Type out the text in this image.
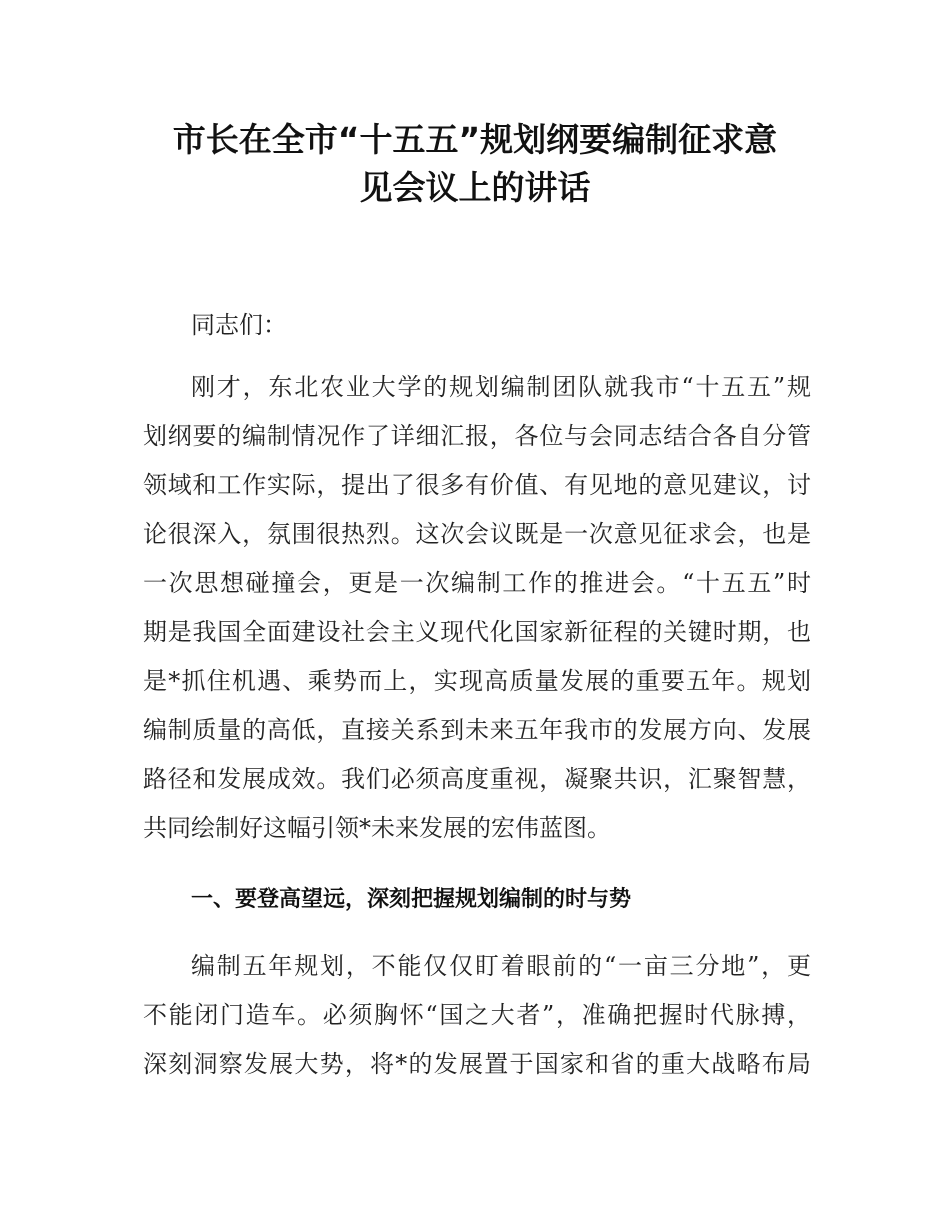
市长在全市“十五五”规划纲要编制征求意
见会议上的讲话
同志们：
刚才，东北农业大学的规划编制团队就我市“十五五”规
划纲要的编制情况作了详细汇报，各位与会同志结合各自分管
领域和工作实际，提出了很多有价值、有见地的意见建议，讨
论很深入，氛围很热烈。这次会议既是一次意见征求会，也是
一次思想碰撞会，更是一次编制工作的推进会。“十五五”时
期是我国全面建设社会主义现代化国家新征程的关键时期，也
是*抓住机遇、乘势而上，实现高质量发展的重要五年。规划
编制质量的高低，直接关系到未来五年我市的发展方向、发展
路径和发展成效。我们必须高度重视，凝聚共识，汇聚智慧，
共同绘制好这幅引领*未来发展的宏伟蓝图。
一、要登高望远，深刻把握规划编制的时与势
编制五年规划，不能仅仅盯着眼前的“一亩三分地”，更
不能闭门造车。必须胸怀“国之大者”，准确把握时代脉搏，
深刻洞察发展大势，将*的发展置于国家和省的重大战略布局
